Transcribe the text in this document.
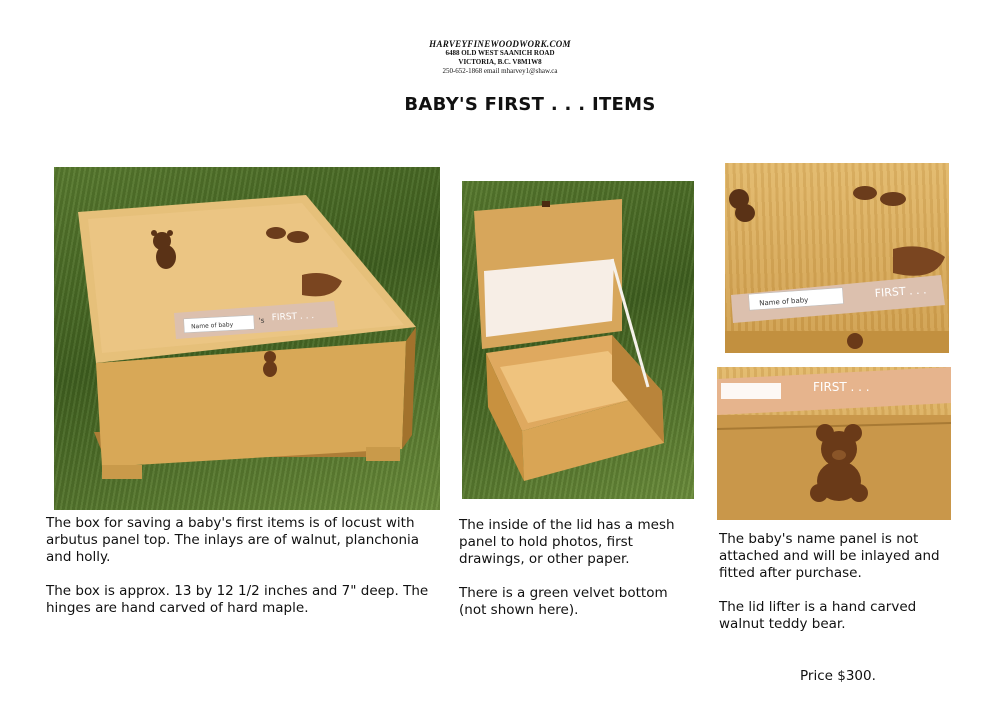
HARVEYFINEWOODWORK.COM
6488 OLD WEST SAANICH ROAD
VICTORIA, B.C. V8M1W8
250-652-1868 email mharvey1@shaw.ca
BABY'S FIRST . . . ITEMS
Name of baby
's FIRST . . .
Name of baby
FIRST . . .
FIRST . . .

The box for saving a baby's first items is of locust with arbutus panel top. The inlays are of walnut, planchonia and holly.

The box is approx. 13 by 12 1/2 inches and 7" deep. The hinges are hand carved of hard maple.

The inside of the lid has a mesh panel to hold photos, first drawings, or other paper.

There is a green velvet bottom (not shown here).

The baby's name panel is not attached and will be inlayed and fitted after purchase.

The lid lifter is a hand carved walnut teddy bear.

Price $300.
